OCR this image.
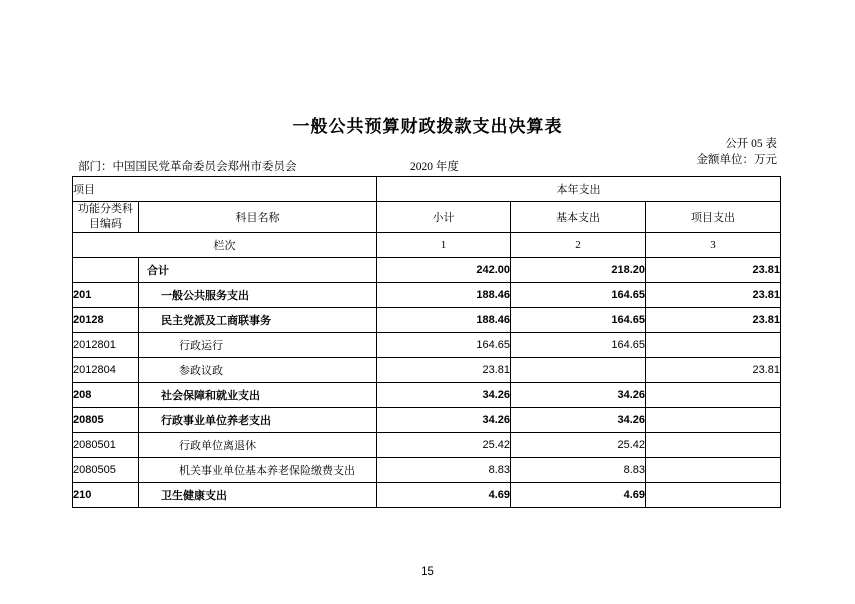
一般公共预算财政拨款支出决算表
公开 05 表
金额单位：万元
部门：中国国民党革命委员会郑州市委员会	2020 年度
项目		本年支出		

功能分类科
目编码	科目名称	小计	基本支出	项目支出
栏次		1	2	3
	合计	242.00	218.20	23.81
201	一般公共服务支出	188.46	164.65	23.81
20128	民主党派及工商联事务	188.46	164.65	23.81
2012801	行政运行	164.65	164.65	
2012804	参政议政	23.81		23.81
208	社会保障和就业支出	34.26	34.26	
20805	行政事业单位养老支出	34.26	34.26	
2080501	行政单位离退休	25.42	25.42	
2080505	机关事业单位基本养老保险缴费支出	8.83	8.83	
210	卫生健康支出	4.69	4.69	
15
